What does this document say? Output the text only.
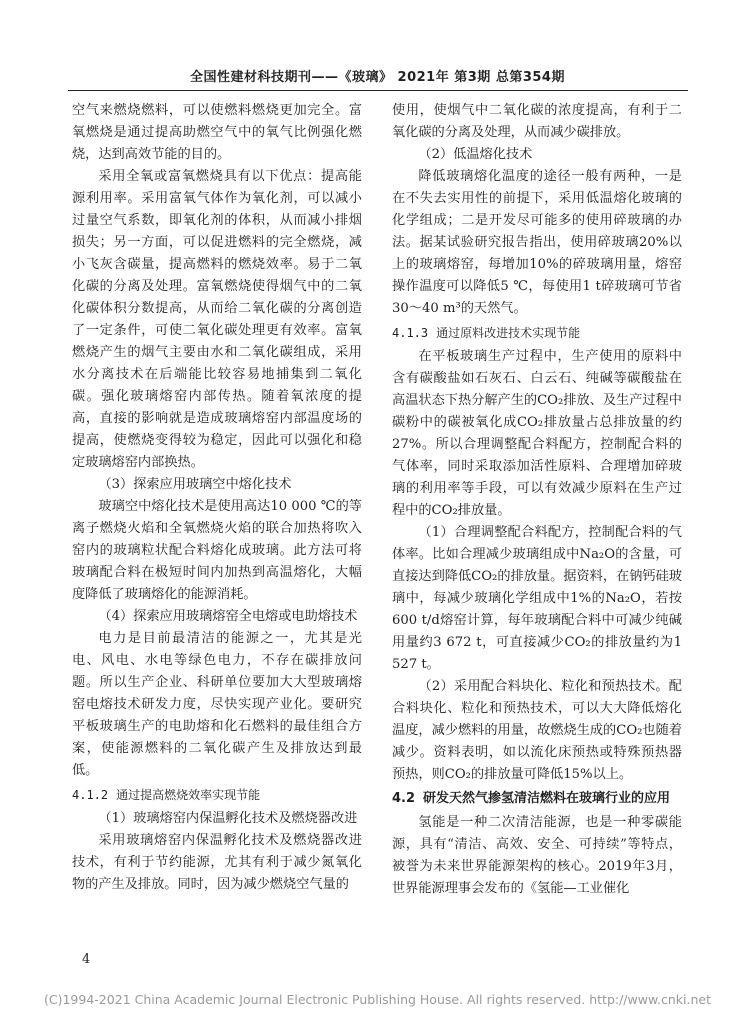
全国性建材科技期刊——《玻璃》 2021年 第3期 总第354期

空气来燃烧燃料，可以使燃料燃烧更加完全。富氧燃烧是通过提高助燃空气中的氧气比例强化燃烧，达到高效节能的目的。

采用全氧或富氧燃烧具有以下优点：提高能源利用率。采用富氧气体作为氧化剂，可以减小过量空气系数，即氧化剂的体积，从而减小排烟损失；另一方面，可以促进燃料的完全燃烧，减小飞灰含碳量，提高燃料的燃烧效率。易于二氧化碳的分离及处理。富氧燃烧使得烟气中的二氧化碳体积分数提高，从而给二氧化碳的分离创造了一定条件，可使二氧化碳处理更有效率。富氧燃烧产生的烟气主要由水和二氧化碳组成，采用水分离技术在后端能比较容易地捕集到二氧化碳。强化玻璃熔窑内部传热。随着氧浓度的提高，直接的影响就是造成玻璃熔窑内部温度场的提高，使燃烧变得较为稳定，因此可以强化和稳定玻璃熔窑内部换热。

（3）探索应用玻璃空中熔化技术

玻璃空中熔化技术是使用高达10 000 ℃的等离子燃烧火焰和全氧燃烧火焰的联合加热将吹入窑内的玻璃粒状配合料熔化成玻璃。此方法可将玻璃配合料在极短时间内加热到高温熔化，大幅度降低了玻璃熔化的能源消耗。

（4）探索应用玻璃熔窑全电熔或电助熔技术

电力是目前最清洁的能源之一，尤其是光电、风电、水电等绿色电力，不存在碳排放问题。所以生产企业、科研单位要加大大型玻璃熔窑电熔技术研发力度，尽快实现产业化。要研究平板玻璃生产的电助熔和化石燃料的最佳组合方案，使能源燃料的二氧化碳产生及排放达到最低。

4.1.2 通过提高燃烧效率实现节能

（1）玻璃熔窑内保温孵化技术及燃烧器改进

采用玻璃熔窑内保温孵化技术及燃烧器改进技术，有利于节约能源，尤其有利于减少氮氧化物的产生及排放。同时，因为减少燃烧空气量的

使用，使烟气中二氧化碳的浓度提高，有利于二氧化碳的分离及处理，从而减少碳排放。

（2）低温熔化技术

降低玻璃熔化温度的途径一般有两种，一是在不失去实用性的前提下，采用低温熔化玻璃的化学组成；二是开发尽可能多的使用碎玻璃的办法。据某试验研究报告指出，使用碎玻璃20%以上的玻璃熔窑，每增加10%的碎玻璃用量，熔窑操作温度可以降低5 ℃，每使用1 t碎玻璃可节省30～40 m³的天然气。

4.1.3 通过原料改进技术实现节能

在平板玻璃生产过程中，生产使用的原料中含有碳酸盐如石灰石、白云石、纯碱等碳酸盐在高温状态下热分解产生的CO₂排放、及生产过程中碳粉中的碳被氧化成CO₂排放量占总排放量的约27%。所以合理调整配合料配方，控制配合料的气体率，同时采取添加活性原料、合理增加碎玻璃的利用率等手段，可以有效减少原料在生产过程中的CO₂排放量。

（1）合理调整配合料配方，控制配合料的气体率。比如合理减少玻璃组成中Na₂O的含量，可直接达到降低CO₂的排放量。据资料，在钠钙硅玻璃中，每减少玻璃化学组成中1%的Na₂O，若按600 t/d熔窑计算，每年玻璃配合料中可减少纯碱用量约3 672 t，可直接减少CO₂的排放量约为1 527 t。

（2）采用配合料块化、粒化和预热技术。配合料块化、粒化和预热技术，可以大大降低熔化温度，减少燃料的用量，故燃烧生成的CO₂也随着减少。资料表明，如以流化床预热或特殊预热器预热，则CO₂的排放量可降低15%以上。

4.2 研发天然气掺氢清洁燃料在玻璃行业的应用

氢能是一种二次清洁能源，也是一种零碳能源，具有“清洁、高效、安全、可持续”等特点，被誉为未来世界能源架构的核心。2019年3月，世界能源理事会发布的《氢能—工业催化

4
(C)1994-2021 China Academic Journal Electronic Publishing House. All rights reserved. http://www.cnki.net
